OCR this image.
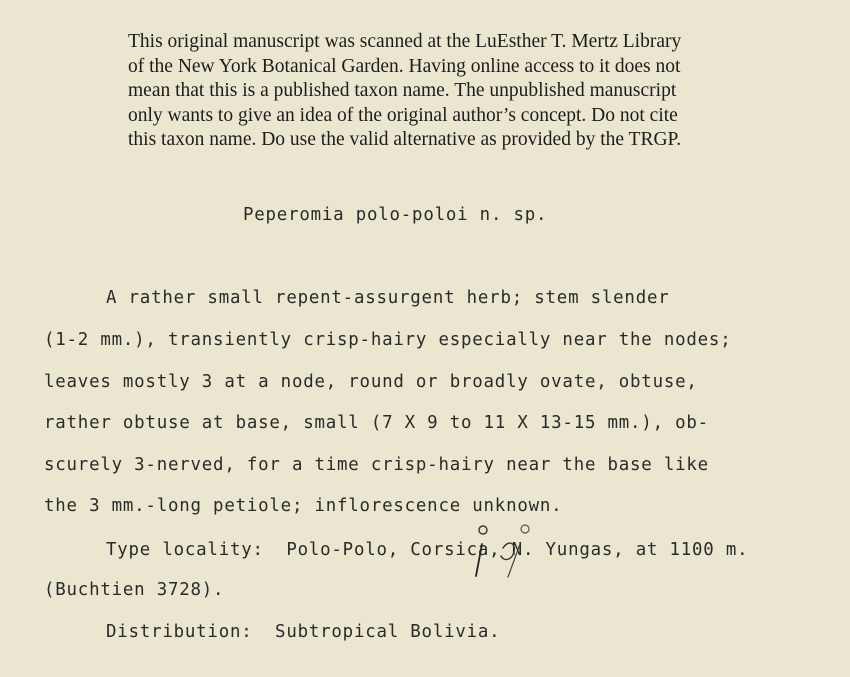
This original manuscript was scanned at the LuEsther T. Mertz Library
of the New York Botanical Garden. Having online access to it does not
mean that this is a published taxon name. The unpublished manuscript
only wants to give an idea of the original author’s concept. Do not cite
this taxon name. Do use the valid alternative as provided by the TRGP.
Peperomia polo-poloi n. sp.
A rather small repent-assurgent herb; stem slender
(1-2 mm.), transiently crisp-hairy especially near the nodes;
leaves mostly 3 at a node, round or broadly ovate, obtuse,
rather obtuse at base, small (7 X 9 to 11 X 13-15 mm.), ob-
scurely 3-nerved, for a time crisp-hairy near the base like
the 3 mm.-long petiole; inflorescence unknown.
Type locality:  Polo-Polo, Corsica, N. Yungas, at 1100 m.
(Buchtien 3728).
Distribution:  Subtropical Bolivia.
